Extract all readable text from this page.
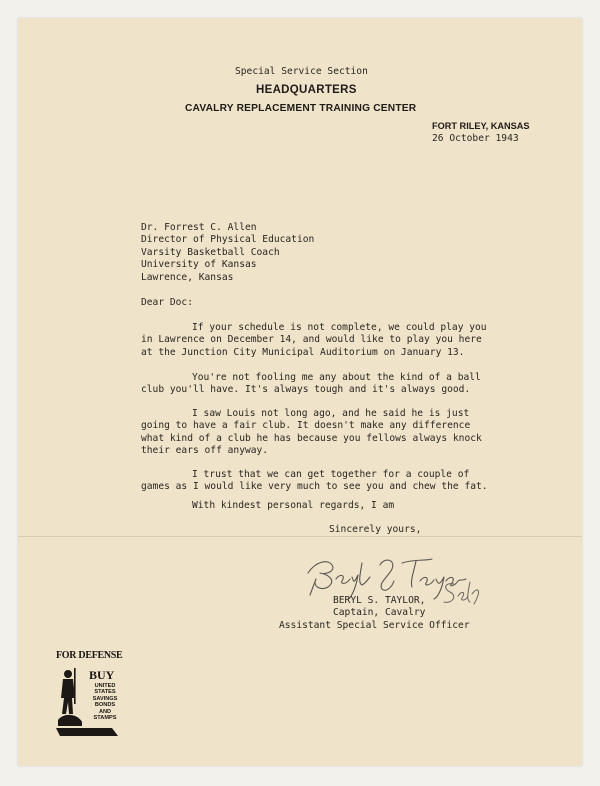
Special Service Section
HEADQUARTERS
CAVALRY REPLACEMENT TRAINING CENTER
FORT RILEY, KANSAS
26 October 1943
Dr. Forrest C. Allen
Director of Physical Education
Varsity Basketball Coach
University of Kansas
Lawrence, Kansas
Dear Doc:
If your schedule is not complete, we could play you
in Lawrence on December 14, and would like to play you here
at the Junction City Municipal Auditorium on January 13.
You're not fooling me any about the kind of a ball
club you'll have. It's always tough and it's always good.
I saw Louis not long ago, and he said he is just
going to have a fair club. It doesn't make any difference
what kind of a club he has because you fellows always knock
their ears off anyway.
I trust that we can get together for a couple of
games as I would like very much to see you and chew the fat.
With kindest personal regards, I am
Sincerely yours,
BERYL S. TAYLOR,
Captain, Cavalry
Assistant Special Service Officer
FOR DEFENSE
BUY
UNITED
STATES
SAVINGS
BONDS
AND STAMPS
